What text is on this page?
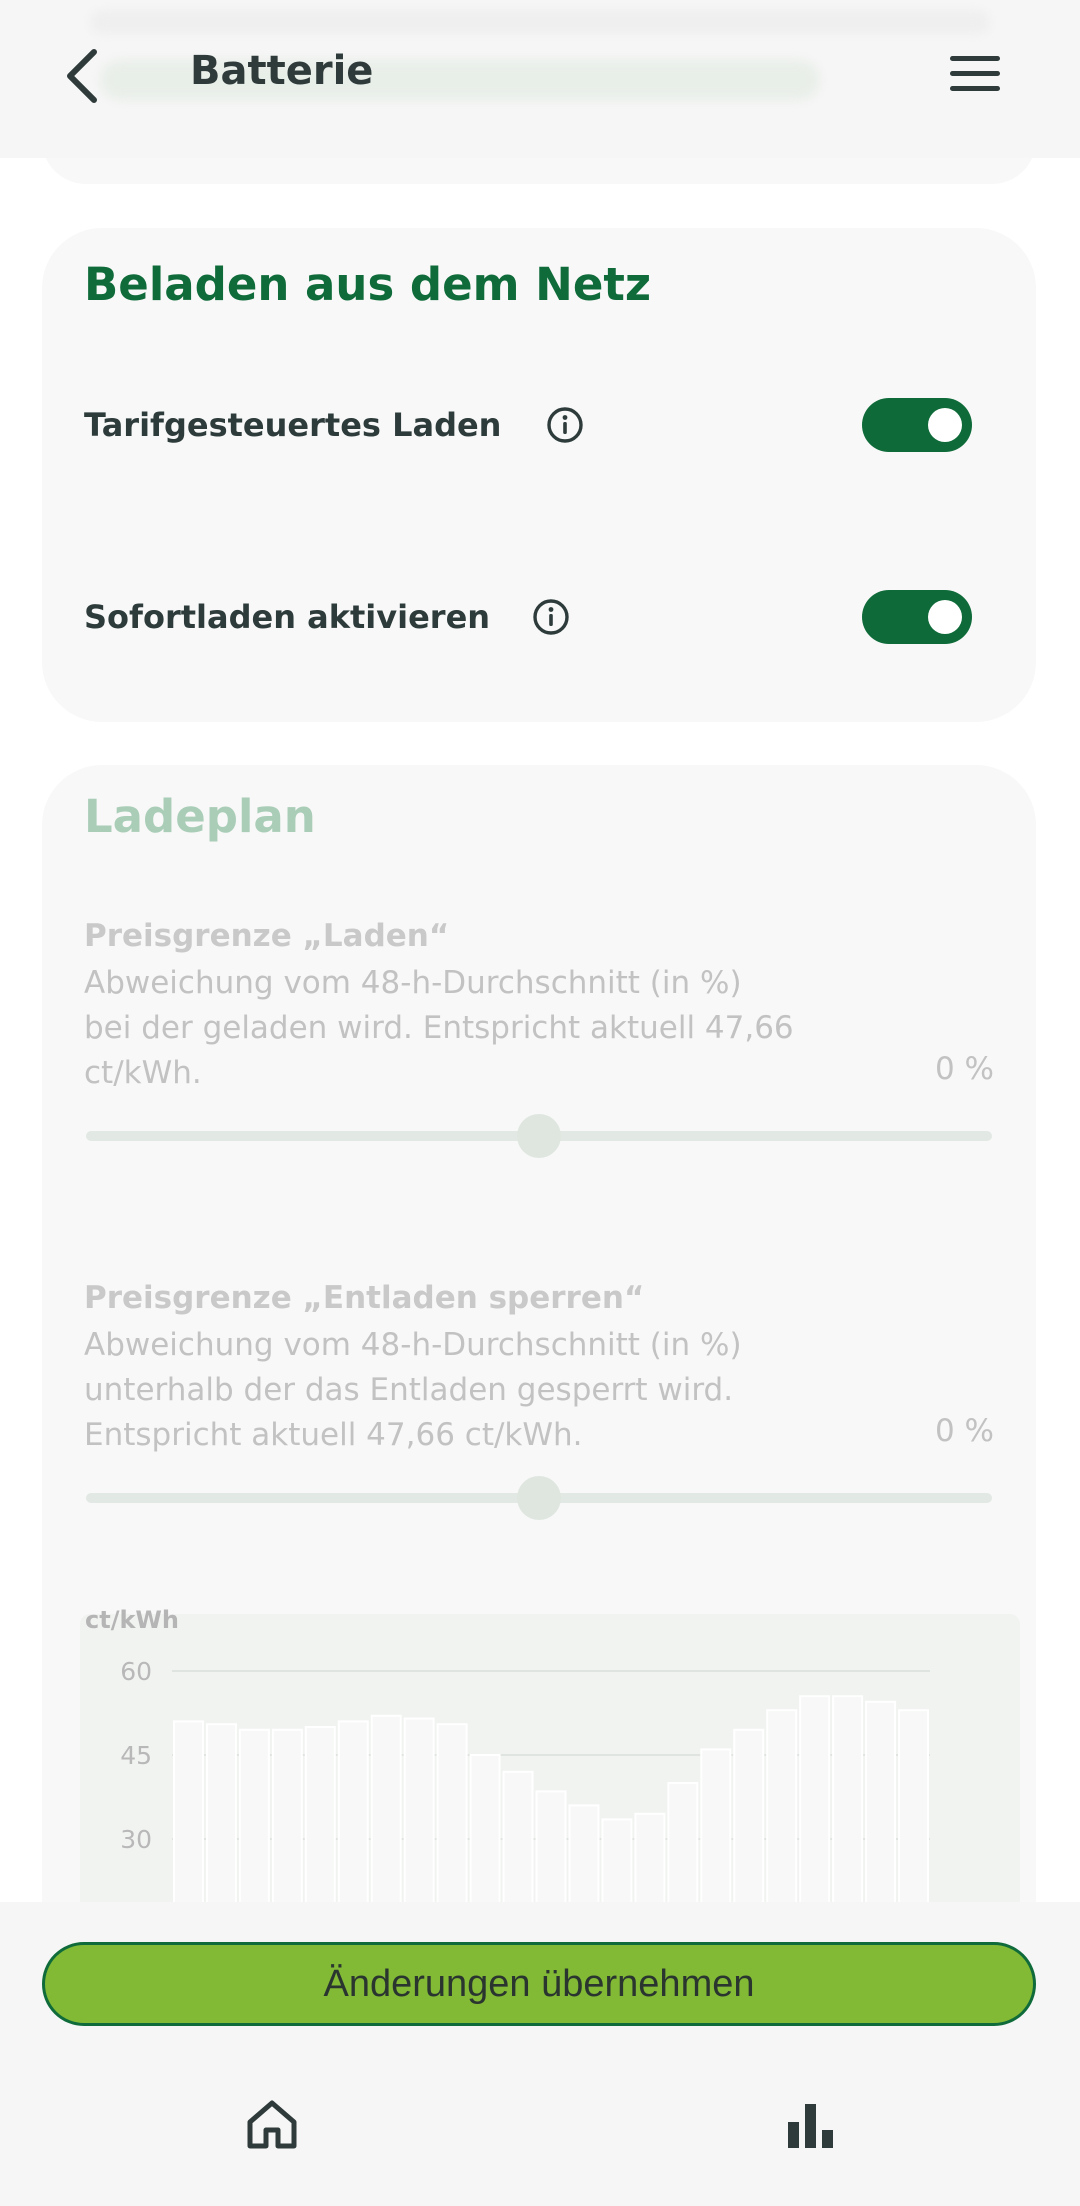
Batterie
Beladen aus dem Netz
Tarifgesteuertes Laden
Sofortladen aktivieren
Ladeplan
Preisgrenze „Laden“
Abweichung vom 48-h-Durchschnitt (in %)
bei der geladen wird. Entspricht aktuell 47,66
ct/kWh.	0 %
Preisgrenze „Entladen sperren“
Abweichung vom 48-h-Durchschnitt (in %)
unterhalb der das Entladen gesperrt wird.
Entspricht aktuell 47,66 ct/kWh.	0 %
ct/kWh
60
45
30
Änderungen übernehmen
